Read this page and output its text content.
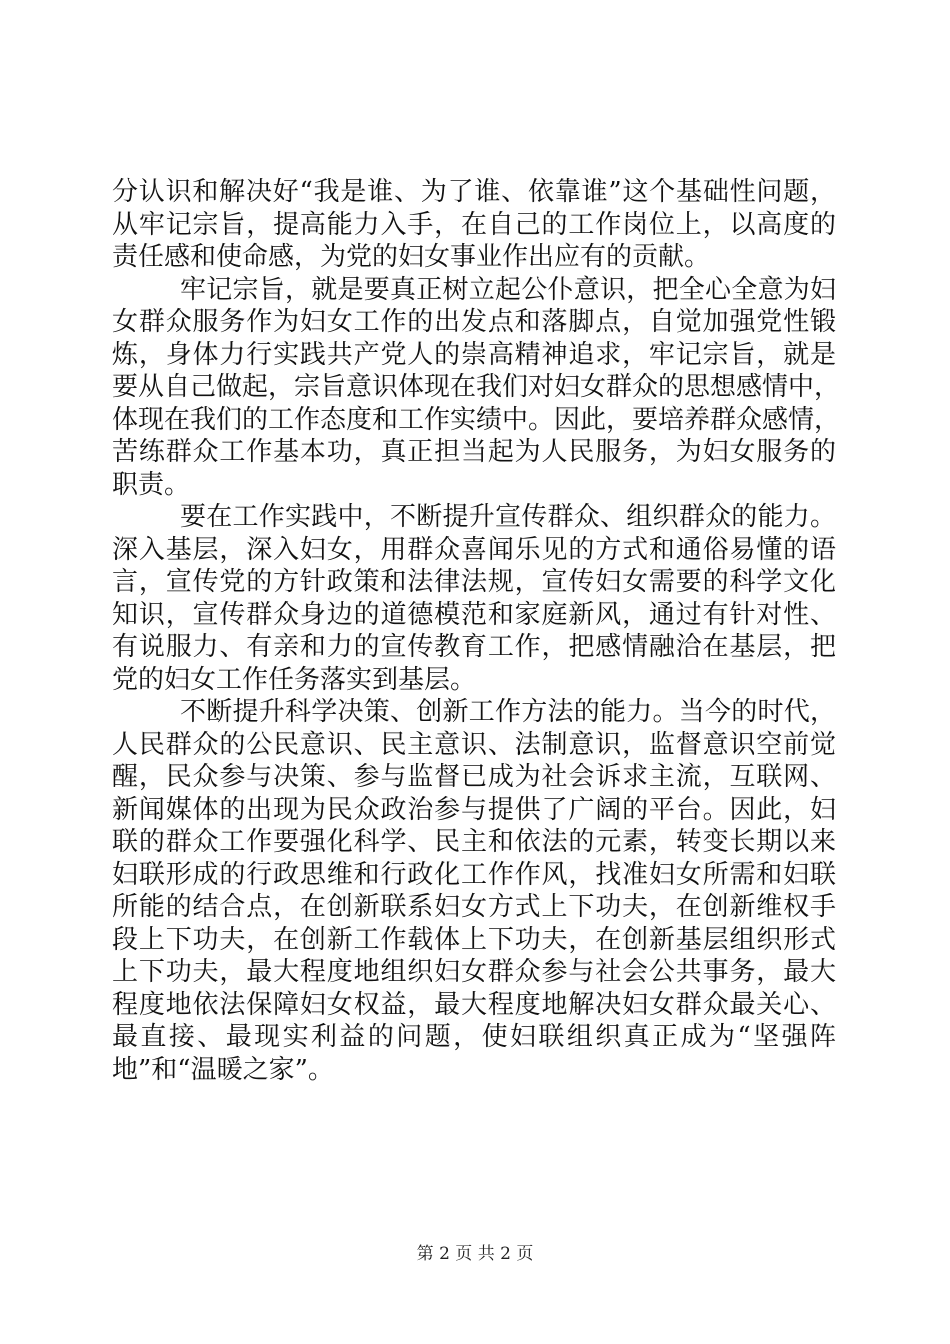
分认识和解决好“我是谁、为了谁、依靠谁”这个基础性问题，
从牢记宗旨，提高能力入手，在自己的工作岗位上，以高度的
责任感和使命感，为党的妇女事业作出应有的贡献。
牢记宗旨，就是要真正树立起公仆意识，把全心全意为妇
女群众服务作为妇女工作的出发点和落脚点，自觉加强党性锻
炼，身体力行实践共产党人的崇高精神追求，牢记宗旨，就是
要从自己做起，宗旨意识体现在我们对妇女群众的思想感情中，
体现在我们的工作态度和工作实绩中。因此，要培养群众感情，
苦练群众工作基本功，真正担当起为人民服务，为妇女服务的
职责。
要在工作实践中，不断提升宣传群众、组织群众的能力。
深入基层，深入妇女，用群众喜闻乐见的方式和通俗易懂的语
言，宣传党的方针政策和法律法规，宣传妇女需要的科学文化
知识，宣传群众身边的道德模范和家庭新风，通过有针对性、
有说服力、有亲和力的宣传教育工作，把感情融洽在基层，把
党的妇女工作任务落实到基层。
不断提升科学决策、创新工作方法的能力。当今的时代，
人民群众的公民意识、民主意识、法制意识，监督意识空前觉
醒，民众参与决策、参与监督已成为社会诉求主流，互联网、
新闻媒体的出现为民众政治参与提供了广阔的平台。因此，妇
联的群众工作要强化科学、民主和依法的元素，转变长期以来
妇联形成的行政思维和行政化工作作风，找准妇女所需和妇联
所能的结合点，在创新联系妇女方式上下功夫，在创新维权手
段上下功夫，在创新工作载体上下功夫，在创新基层组织形式
上下功夫，最大程度地组织妇女群众参与社会公共事务，最大
程度地依法保障妇女权益，最大程度地解决妇女群众最关心、
最直接、最现实利益的问题，使妇联组织真正成为“坚强阵
地”和“温暖之家”。
第 2 页 共 2 页
